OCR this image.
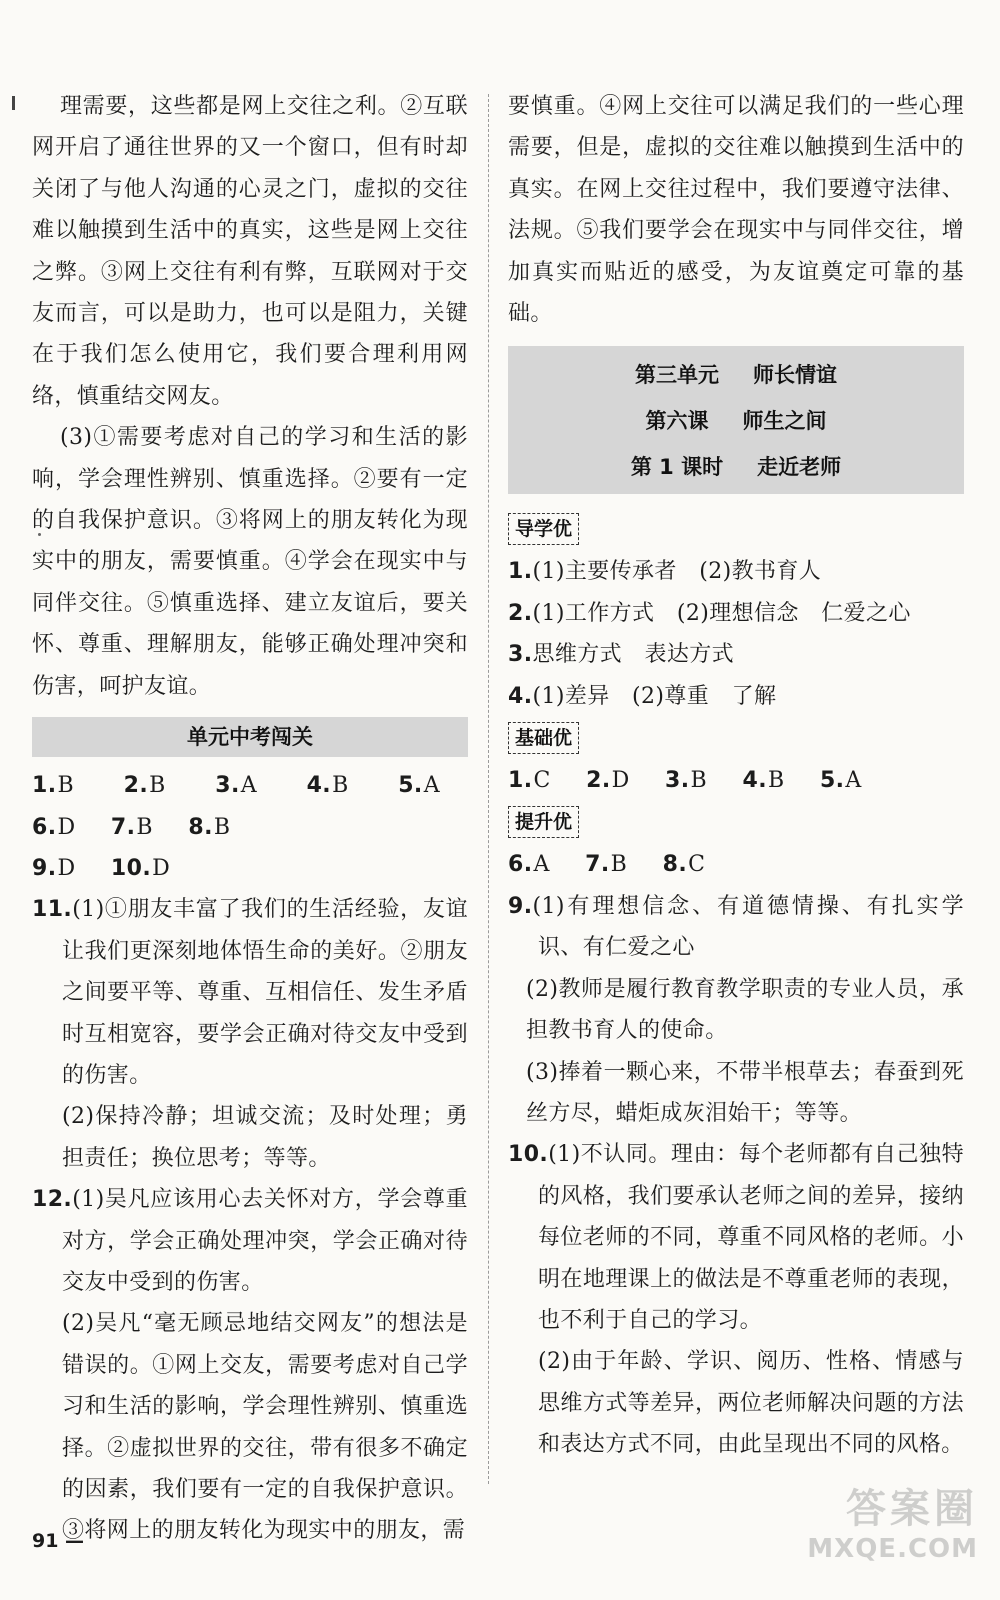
理需要，这些都是网上交往之利。②互联网开启了通往世界的又一个窗口，但有时却关闭了与他人沟通的心灵之门，虚拟的交往难以触摸到生活中的真实，这些是网上交往之弊。③网上交往有利有弊，互联网对于交友而言，可以是助力，也可以是阻力，关键在于我们怎么使用它，我们要合理利用网络，慎重结交网友。

(3)①需要考虑对自己的学习和生活的影响，学会理性辨别、慎重选择。②要有一定的自我保护意识。③将网上的朋友转化为现实中的朋友，需要慎重。④学会在现实中与同伴交往。⑤慎重选择、建立友谊后，要关怀、尊重、理解朋友，能够正确处理冲突和伤害，呵护友谊。

单元中考闯关

1.B 2.B 3.A 4.B 5.A 6.D 7.B 8.B

9.D 10.D

11.(1)①朋友丰富了我们的生活经验，友谊让我们更深刻地体悟生命的美好。②朋友之间要平等、尊重、互相信任、发生矛盾时互相宽容，要学会正确对待交友中受到的伤害。

(2)保持冷静；坦诚交流；及时处理；勇担责任；换位思考；等等。

12.(1)吴凡应该用心去关怀对方，学会尊重对方，学会正确处理冲突，学会正确对待交友中受到的伤害。

(2)吴凡“毫无顾忌地结交网友”的想法是错误的。①网上交友，需要考虑对自己学习和生活的影响，学会理性辨别、慎重选择。②虚拟世界的交往，带有很多不确定的因素，我们要有一定的自我保护意识。③将网上的朋友转化为现实中的朋友，需

91 —

要慎重。④网上交往可以满足我们的一些心理需要，但是，虚拟的交往难以触摸到生活中的真实。在网上交往过程中，我们要遵守法律、法规。⑤我们要学会在现实中与同伴交往，增加真实而贴近的感受，为友谊奠定可靠的基础。

第三单元 师长情谊
第六课 师生之间
第 1 课时 走近老师
导学优

1.(1)主要传承者　(2)教书育人

2.(1)工作方式　(2)理想信念　仁爱之心

3.思维方式　表达方式

4.(1)差异　(2)尊重　了解

基础优

1.C 2.D 3.B 4.B 5.A

提升优

6.A 7.B 8.C

9.(1)有理想信念、有道德情操、有扎实学识、有仁爱之心

(2)教师是履行教育教学职责的专业人员，承担教书育人的使命。

(3)捧着一颗心来，不带半根草去；春蚕到死丝方尽，蜡炬成灰泪始干；等等。

10.(1)不认同。理由：每个老师都有自己独特的风格，我们要承认老师之间的差异，接纳每位老师的不同，尊重不同风格的老师。小明在地理课上的做法是不尊重老师的表现，也不利于自己的学习。

(2)由于年龄、学识、阅历、性格、情感与思维方式等差异，两位老师解决问题的方法和表达方式不同，由此呈现出不同的风格。

答案圈
MXQE.COM
